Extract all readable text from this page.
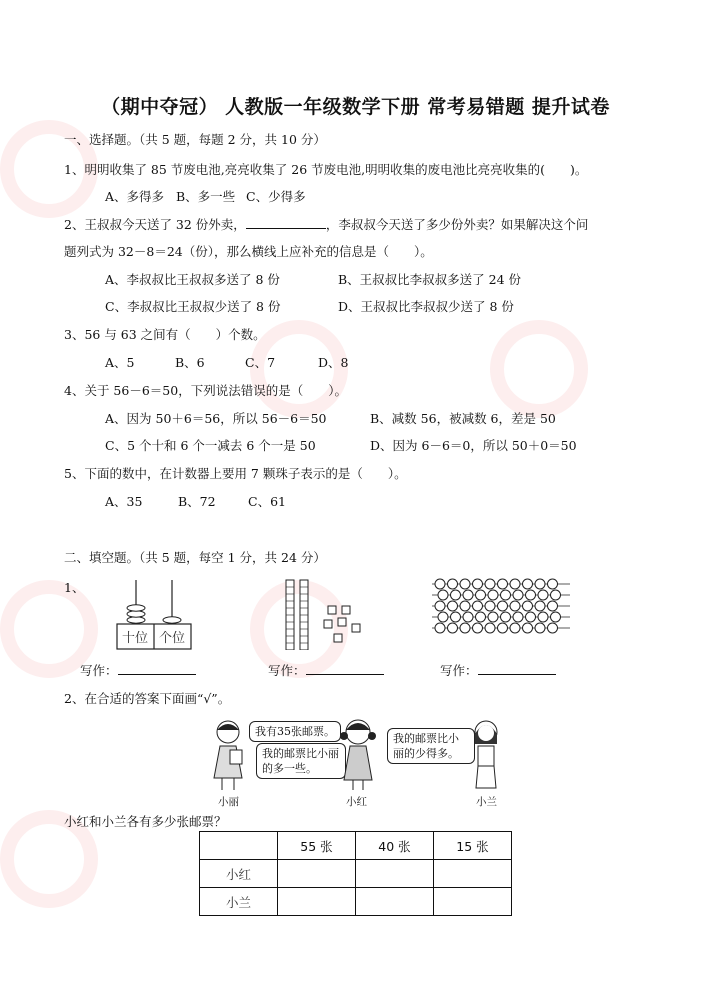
（期中夺冠） 人教版一年级数学下册 常考易错题 提升试卷
一、选择题。（共 5 题，每题 2 分，共 10 分）
1、明明收集了 85 节废电池,亮亮收集了 26 节废电池,明明收集的废电池比亮亮收集的(　　)。
A、多得多 B、多一些 C、少得多
2、王叔叔今天送了 32 份外卖，	，李叔叔今天送了多少份外卖？如果解决这个问
题列式为 32－8＝24（份），那么横线上应补充的信息是（　　）。
A、李叔叔比王叔叔多送了 8 份	B、王叔叔比李叔叔多送了 24 份
C、李叔叔比王叔叔少送了 8 份	D、王叔叔比李叔叔少送了 8 份
3、56 与 63 之间有（　　）个数。
A、5	B、6	C、7	D、8
4、关于 56－6＝50，下列说法错误的是（　　）。
A、因为 50＋6＝56，所以 56－6＝50	B、减数 56，被减数 6，差是 50
C、5 个十和 6 个一减去 6 个一是 50	D、因为 6－6＝0，所以 50＋0＝50
5、下面的数中，在计数器上要用 7 颗珠子表示的是（　　）。
A、35	B、72	C、61
二、填空题。（共 5 题，每空 1 分，共 24 分）
1、
十位 个位
写作：	写作：	写作：
2、在合适的答案下面画“√”。
我有35张邮票。
我的邮票比小丽的多一些。
我的邮票比小丽的少得多。
小丽	小红	小兰
小红和小兰各有多少张邮票？
	55 张	40 张	15 张
小红			
小兰			
